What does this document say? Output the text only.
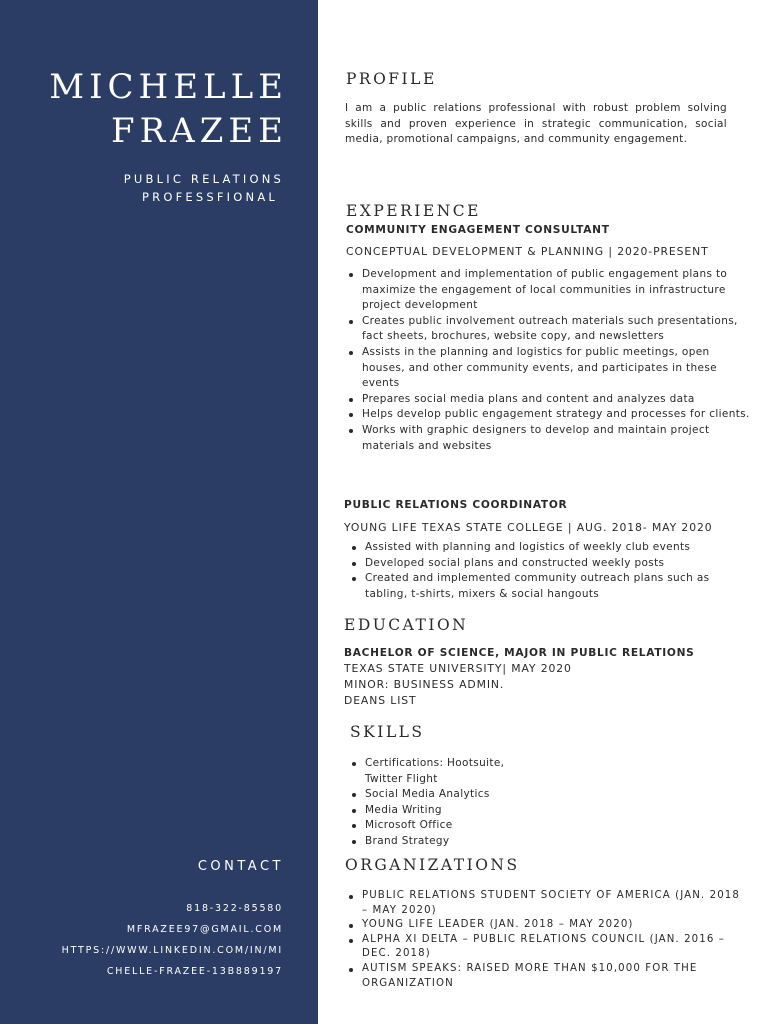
MICHELLE
FRAZEE
PUBLIC RELATIONS
PROFESSFIONAL
CONTACT
818-322-85580
MFRAZEE97@GMAIL.COM
HTTPS://WWW.LINKEDIN.COM/IN/MI
CHELLE-FRAZEE-13B889197
PROFILE
I am a public relations professional with robust problem solving skills and proven experience in strategic communication, social media, promotional campaigns, and community engagement.
EXPERIENCE
COMMUNITY ENGAGEMENT CONSULTANT
CONCEPTUAL DEVELOPMENT & PLANNING | 2020-PRESENT
Development and implementation of public engagement plans to maximize the engagement of local communities in infrastructure project development
Creates public involvement outreach materials such presentations, fact sheets, brochures, website copy, and newsletters
Assists in the planning and logistics for public meetings, open houses, and other community events, and participates in these events
Prepares social media plans and content and analyzes data
Helps develop public engagement strategy and processes for clients.
Works with graphic designers to develop and maintain project materials and websites
PUBLIC RELATIONS COORDINATOR
YOUNG LIFE TEXAS STATE COLLEGE | AUG. 2018- MAY 2020
Assisted with planning and logistics of weekly club events
Developed social plans and constructed weekly posts
Created and implemented community outreach plans such as tabling, t-shirts, mixers & social hangouts
EDUCATION
BACHELOR OF SCIENCE, MAJOR IN PUBLIC RELATIONS
TEXAS STATE UNIVERSITY| MAY 2020
MINOR: BUSINESS ADMIN.
DEANS LIST
SKILLS
Certifications: Hootsuite, Twitter Flight
Social Media Analytics
Media Writing
Microsoft Office
Brand Strategy
ORGANIZATIONS
PUBLIC RELATIONS STUDENT SOCIETY OF AMERICA (JAN. 2018 – MAY 2020)
YOUNG LIFE LEADER (JAN. 2018 – MAY 2020)
ALPHA XI DELTA – PUBLIC RELATIONS COUNCIL (JAN. 2016 – DEC. 2018)
AUTISM SPEAKS: RAISED MORE THAN $10,000 FOR THE ORGANIZATION
